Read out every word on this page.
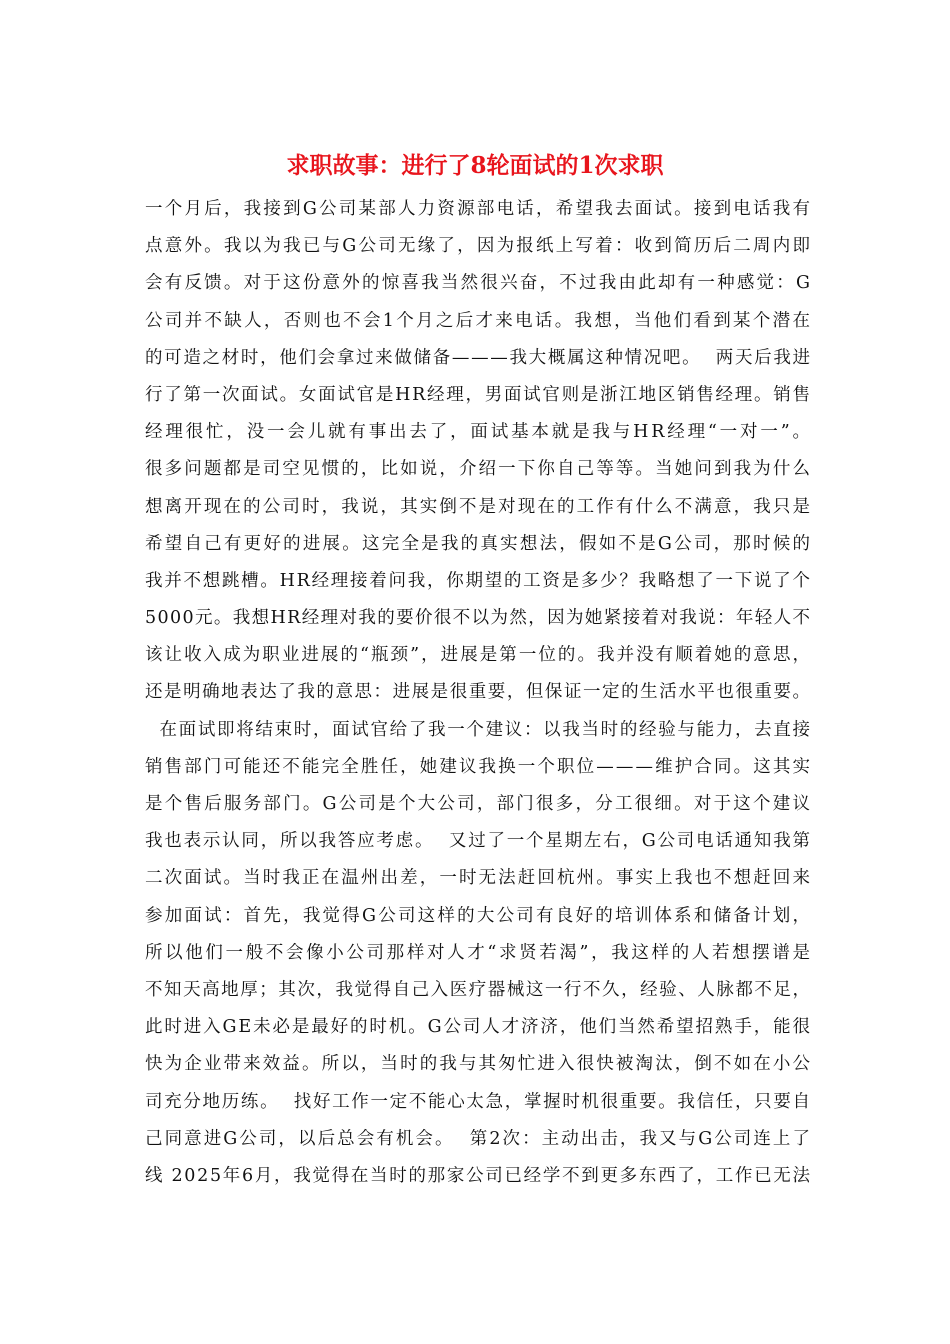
求职故事：进行了8轮面试的1次求职
一个月后，我接到G公司某部人力资源部电话，希望我去面试。接到电话我有
点意外。我以为我已与G公司无缘了，因为报纸上写着：收到简历后二周内即
会有反馈。对于这份意外的惊喜我当然很兴奋，不过我由此却有一种感觉：G
公司并不缺人，否则也不会1个月之后才来电话。我想，当他们看到某个潜在
的可造之材时，他们会拿过来做储备———我大概属这种情况吧。  两天后我进
行了第一次面试。女面试官是HR经理，男面试官则是浙江地区销售经理。销售
经理很忙，没一会儿就有事出去了，面试基本就是我与HR经理“一对一”。
很多问题都是司空见惯的，比如说，介绍一下你自己等等。当她问到我为什么
想离开现在的公司时，我说，其实倒不是对现在的工作有什么不满意，我只是
希望自己有更好的进展。这完全是我的真实想法，假如不是G公司，那时候的
我并不想跳槽。HR经理接着问我，你期望的工资是多少？我略想了一下说了个
5000元。我想HR经理对我的要价很不以为然，因为她紧接着对我说：年轻人不
该让收入成为职业进展的“瓶颈”，进展是第一位的。我并没有顺着她的意思，
还是明确地表达了我的意思：进展是很重要，但保证一定的生活水平也很重要。
在面试即将结束时，面试官给了我一个建议：以我当时的经验与能力，去直接
销售部门可能还不能完全胜任，她建议我换一个职位———维护合同。这其实
是个售后服务部门。G公司是个大公司，部门很多，分工很细。对于这个建议
我也表示认同，所以我答应考虑。  又过了一个星期左右，G公司电话通知我第
二次面试。当时我正在温州出差，一时无法赶回杭州。事实上我也不想赶回来
参加面试：首先，我觉得G公司这样的大公司有良好的培训体系和储备计划，
所以他们一般不会像小公司那样对人才“求贤若渴”，我这样的人若想摆谱是
不知天高地厚；其次，我觉得自己入医疗器械这一行不久，经验、人脉都不足，
此时进入GE未必是最好的时机。G公司人才济济，他们当然希望招熟手，能很
快为企业带来效益。所以，当时的我与其匆忙进入很快被淘汰，倒不如在小公
司充分地历练。  找好工作一定不能心太急，掌握时机很重要。我信任，只要自
己同意进G公司，以后总会有机会。  第2次：主动出击，我又与G公司连上了
线 2025年6月，我觉得在当时的那家公司已经学不到更多东西了，工作已无法
